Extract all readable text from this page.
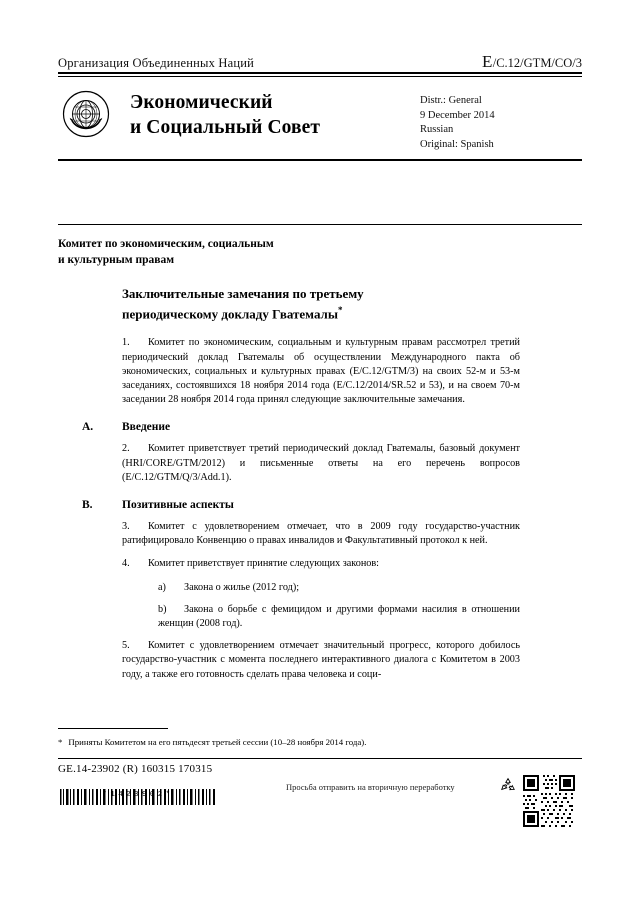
Организация Объединенных Наций	E/C.12/GTM/CO/3
Экономический
и Социальный Совет
Distr.: General
9 December 2014
Russian
Original: Spanish
Комитет по экономическим, социальным
и культурным правам
Заключительные замечания по третьему
периодическому докладу Гватемалы*

1. Комитет по экономическим, социальным и культурным правам рассмотрел третий периодический доклад Гватемалы об осуществлении Международного пакта об экономических, социальных и культурных правах (E/C.12/GTM/3) на своих 52-м и 53-м заседаниях, состоявшихся 18 ноября 2014 года (E/C.12/2014/SR.52 и 53), и на своем 70-м заседании 28 ноября 2014 года принял следующие заключительные замечания.

A.	Введение

2. Комитет приветствует третий периодический доклад Гватемалы, базовый документ (HRI/CORE/GTM/2012) и письменные ответы на его перечень вопросов (E/C.12/GTM/Q/3/Add.1).

B.	Позитивные аспекты

3. Комитет с удовлетворением отмечает, что в 2009 году государство-участник ратифицировало Конвенцию о правах инвалидов и Факультативный протокол к ней.

4. Комитет приветствует принятие следующих законов:

a) Закона о жилье (2012 год);

b) Закона о борьбе с фемицидом и другими формами насилия в отношении женщин (2008 год).

5. Комитет с удовлетворением отмечает значительный прогресс, которого добилось государство-участник с момента последнего интерактивного диалога с Комитетом в 2003 году, а также его готовность сделать права человека и соци-

* Приняты Комитетом на его пятьдесят третьей сессии (10–28 ноября 2014 года).
GE.14-23902 (R) 160315 170315
Просьба отправить на вторичную переработку
*1423902*
